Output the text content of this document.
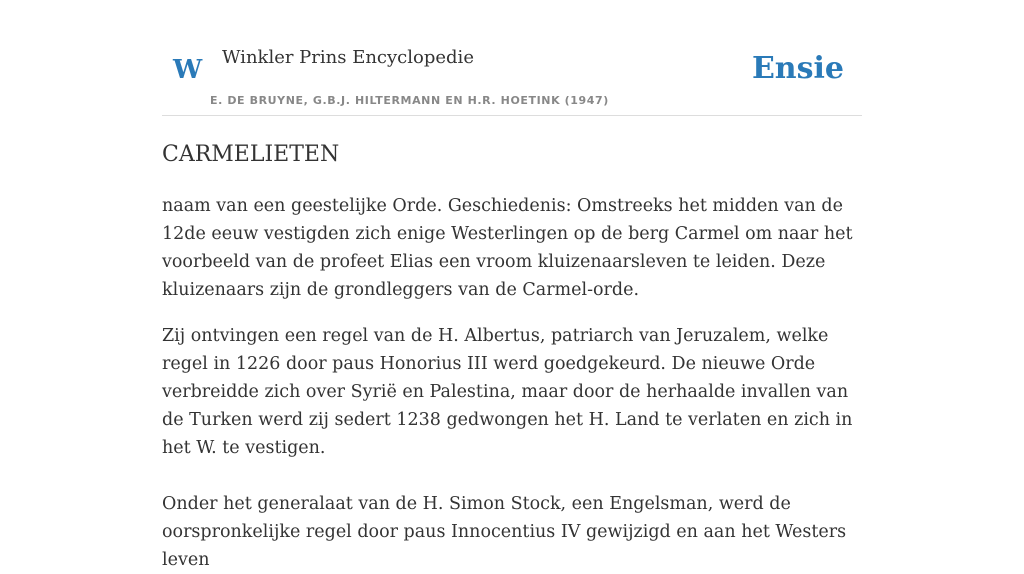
W Winkler Prins Encyclopedie
E. DE BRUYNE, G.B.J. HILTERMANN EN H.R. HOETINK (1947)
Ensie
CARMELIETEN

naam van een geestelijke Orde. Geschiedenis: Omstreeks het midden van de 12de eeuw vestigden zich enige Westerlingen op de berg Carmel om naar het voorbeeld van de profeet Elias een vroom kluizenaarsleven te leiden. Deze kluizenaars zijn de grondleggers van de Carmel-orde.

Zij ontvingen een regel van de H. Albertus, patriarch van Jeruzalem, welke regel in 1226 door paus Honorius III werd goedgekeurd. De nieuwe Orde verbreidde zich over Syrië en Palestina, maar door de herhaalde invallen van de Turken werd zij sedert 1238 gedwongen het H. Land te verlaten en zich in het W. te vestigen.

Onder het generalaat van de H. Simon Stock, een Engelsman, werd de oorspronkelijke regel door paus Innocentius IV gewijzigd en aan het Westers leven
